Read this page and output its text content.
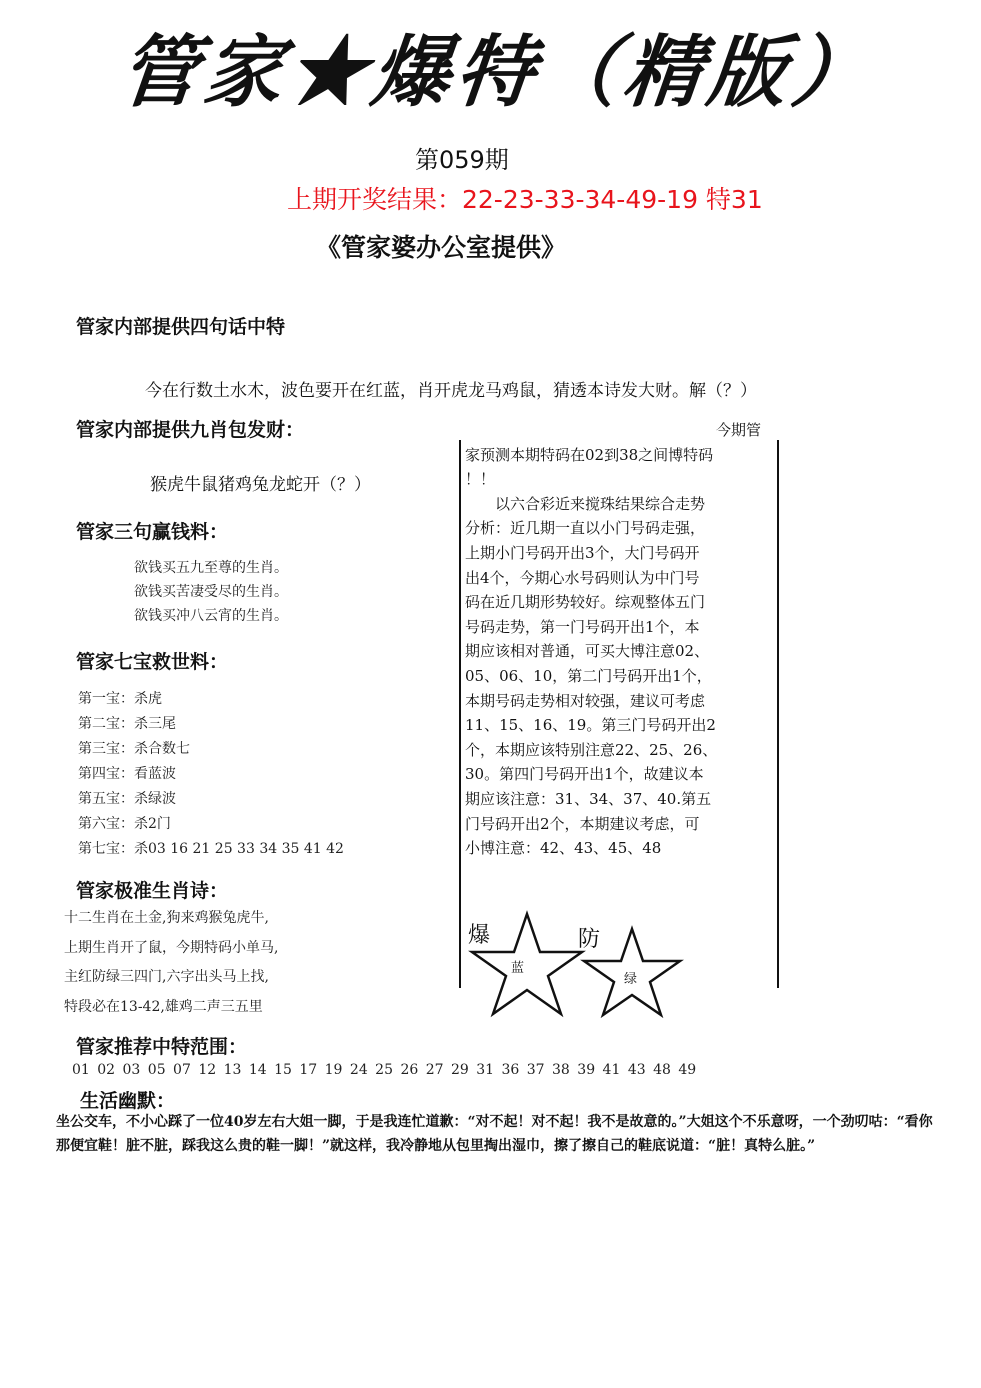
管家★爆特（精版）
第059期
上期开奖结果：22-23-33-34-49-19 特31
《管家婆办公室提供》
管家内部提供四句话中特
今在行数土水木，波色要开在红蓝，肖开虎龙马鸡鼠，猜透本诗发大财。解（？）
管家内部提供九肖包发财：
猴虎牛鼠猪鸡兔龙蛇开（？）
管家三句赢钱料：
欲钱买五九至尊的生肖。
欲钱买苦凄受尽的生肖。
欲钱买冲八云宵的生肖。
管家七宝救世料：
第一宝：杀虎
第二宝：杀三尾
第三宝：杀合数七
第四宝：看蓝波
第五宝：杀绿波
第六宝：杀2门
第七宝：杀03 16 21 25 33 34 35 41 42
管家极准生肖诗：
十二生肖在土金,狗来鸡猴兔虎牛,
上期生肖开了鼠，今期特码小单马,
主红防绿三四门,六字出头马上找,
特段必在13-42,雄鸡二声三五里

今期管

家预测本期特码在02到38之间博特码

！！

　　以六合彩近来搅珠结果综合走势

分析：近几期一直以小门号码走强，

上期小门号码开出3个，大门号码开

出4个，今期心水号码则认为中门号

码在近几期形势较好。综观整体五门

号码走势，第一门号码开出1个，本

期应该相对普通，可买大博注意02、

05、06、10，第二门号码开出1个，

本期号码走势相对较强，建议可考虑

11、15、16、19。第三门号码开出2

个，本期应该特别注意22、25、26、

30。第四门号码开出1个，故建议本

期应该注意：31、34、37、40.第五

门号码开出2个，本期建议考虑，可

小博注意：42、43、45、48

爆
蓝
防
绿
管家推荐中特范围：
01 02 03 05 07 12 13 14 15 17 19 24 25 26 27 29 31 36 37 38 39 41 43 48 49
生活幽默：
坐公交车，不小心踩了一位40岁左右大姐一脚，于是我连忙道歉：“对不起！对不起！我不是故意的。”大姐这个不乐意呀，一个劲叨咕：“看你那便宜鞋！脏不脏，踩我这么贵的鞋一脚！”就这样，我冷静地从包里掏出湿巾，擦了擦自己的鞋底说道：“脏！真特么脏。”
